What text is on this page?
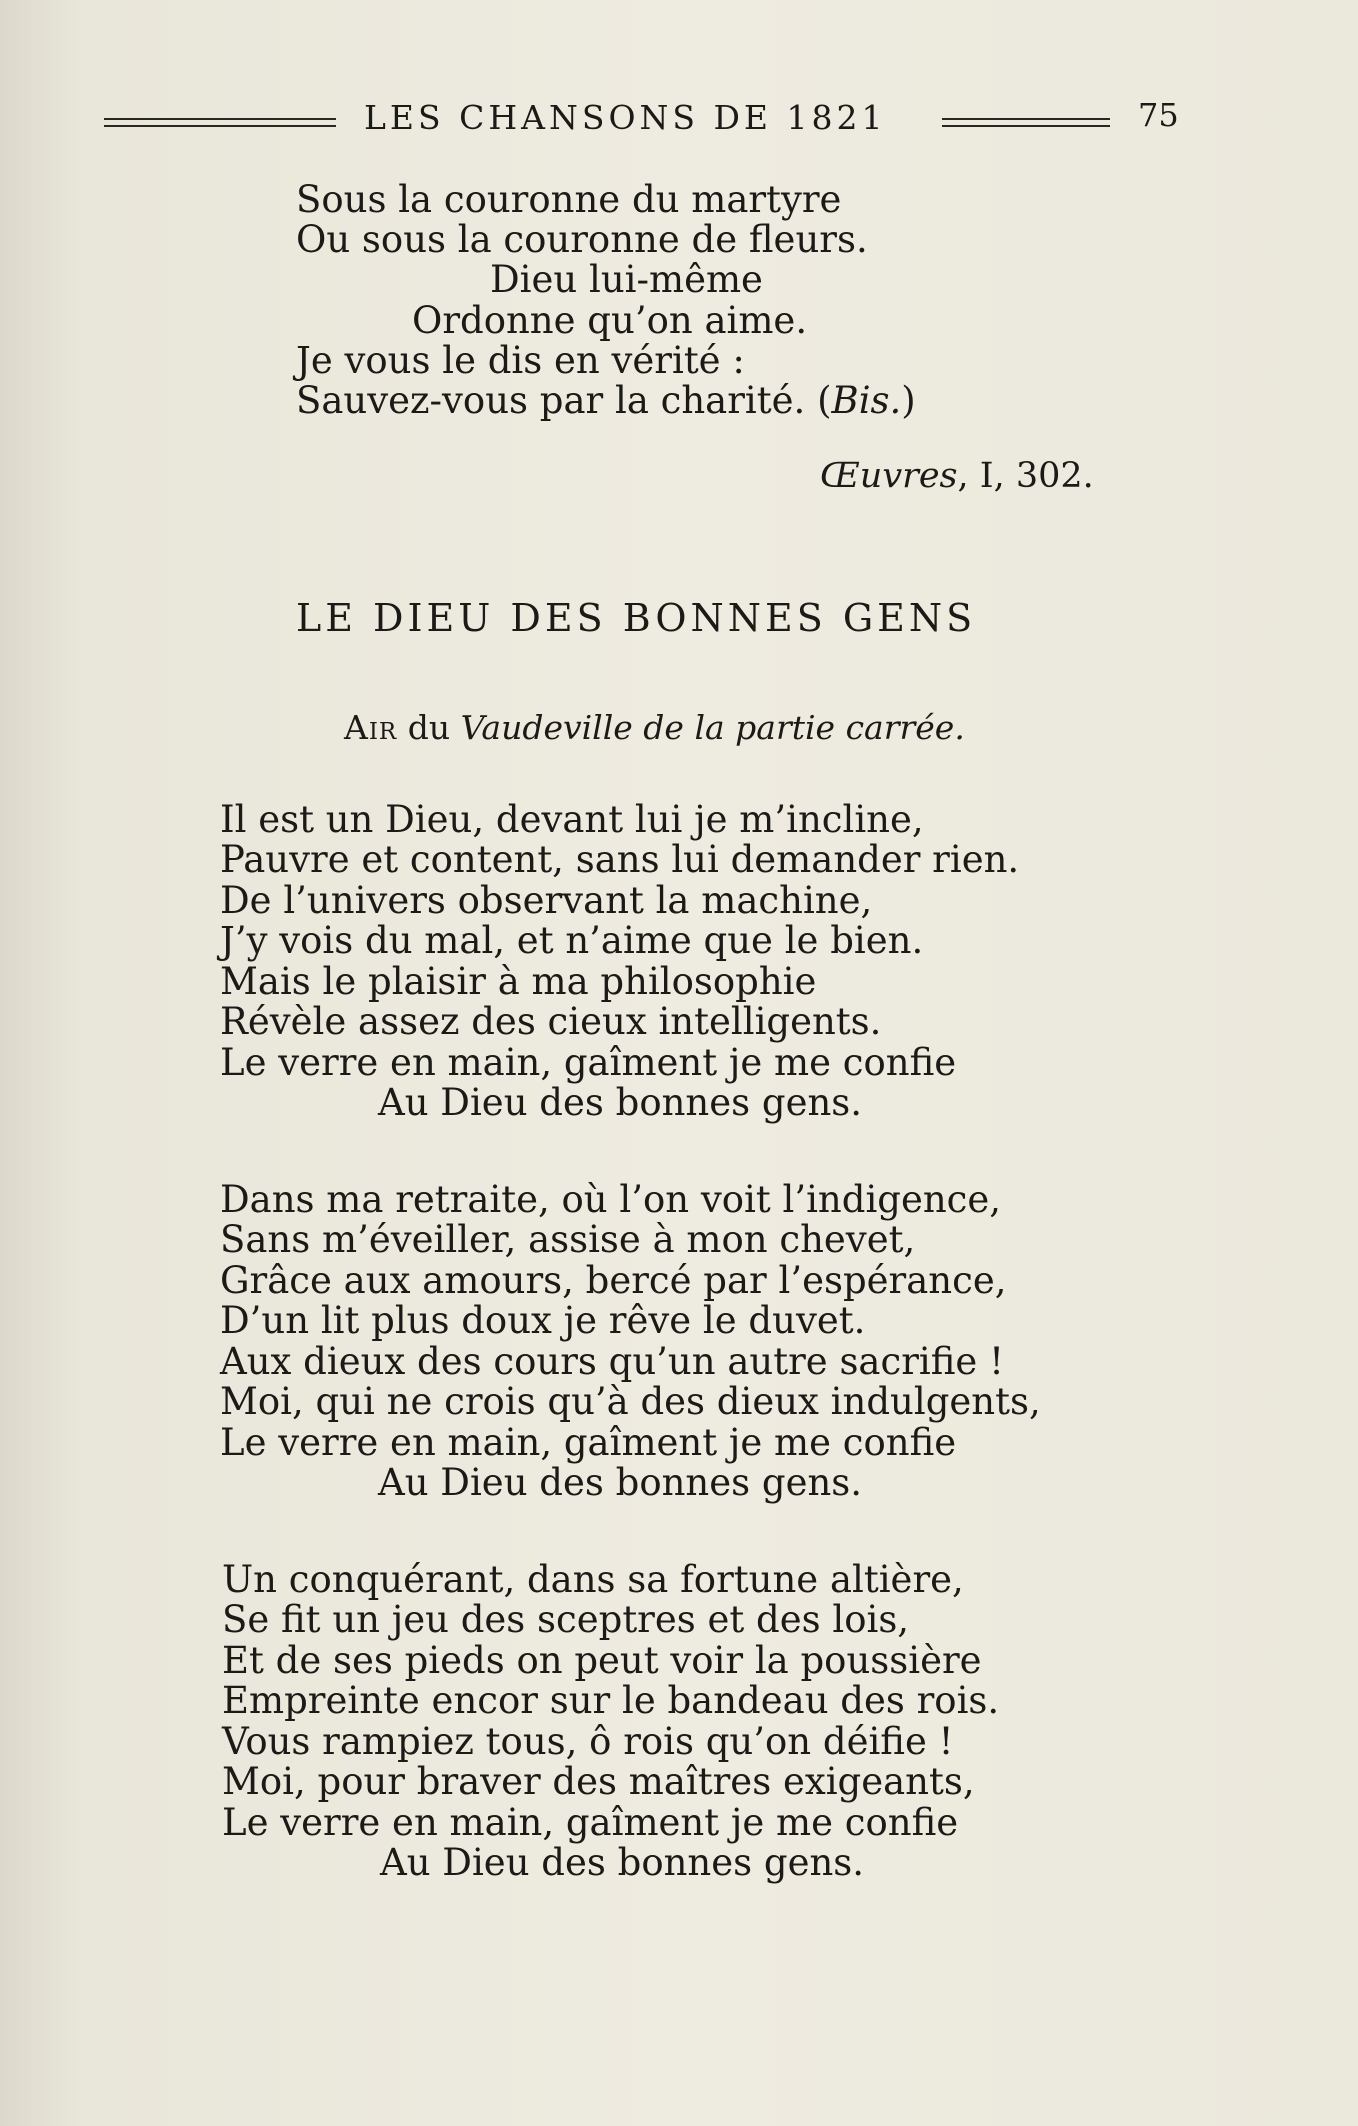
LES CHANSONS DE 1821	75
Sous la couronne du martyre
Ou sous la couronne de fleurs.
Dieu lui-même
Ordonne qu’on aime.
Je vous le dis en vérité :
Sauvez-vous par la charité. (Bis.)
Œuvres, I, 302.
LE DIEU DES BONNES GENS
Air du Vaudeville de la partie carrée.
Il est un Dieu, devant lui je m’incline,
Pauvre et content, sans lui demander rien.
De l’univers observant la machine,
J’y vois du mal, et n’aime que le bien.
Mais le plaisir à ma philosophie
Révèle assez des cieux intelligents.
Le verre en main, gaîment je me confie
Au Dieu des bonnes gens.
Dans ma retraite, où l’on voit l’indigence,
Sans m’éveiller, assise à mon chevet,
Grâce aux amours, bercé par l’espérance,
D’un lit plus doux je rêve le duvet.
Aux dieux des cours qu’un autre sacrifie !
Moi, qui ne crois qu’à des dieux indulgents,
Le verre en main, gaîment je me confie
Au Dieu des bonnes gens.
Un conquérant, dans sa fortune altière,
Se fit un jeu des sceptres et des lois,
Et de ses pieds on peut voir la poussière
Empreinte encor sur le bandeau des rois.
Vous rampiez tous, ô rois qu’on déifie !
Moi, pour braver des maîtres exigeants,
Le verre en main, gaîment je me confie
Au Dieu des bonnes gens.
